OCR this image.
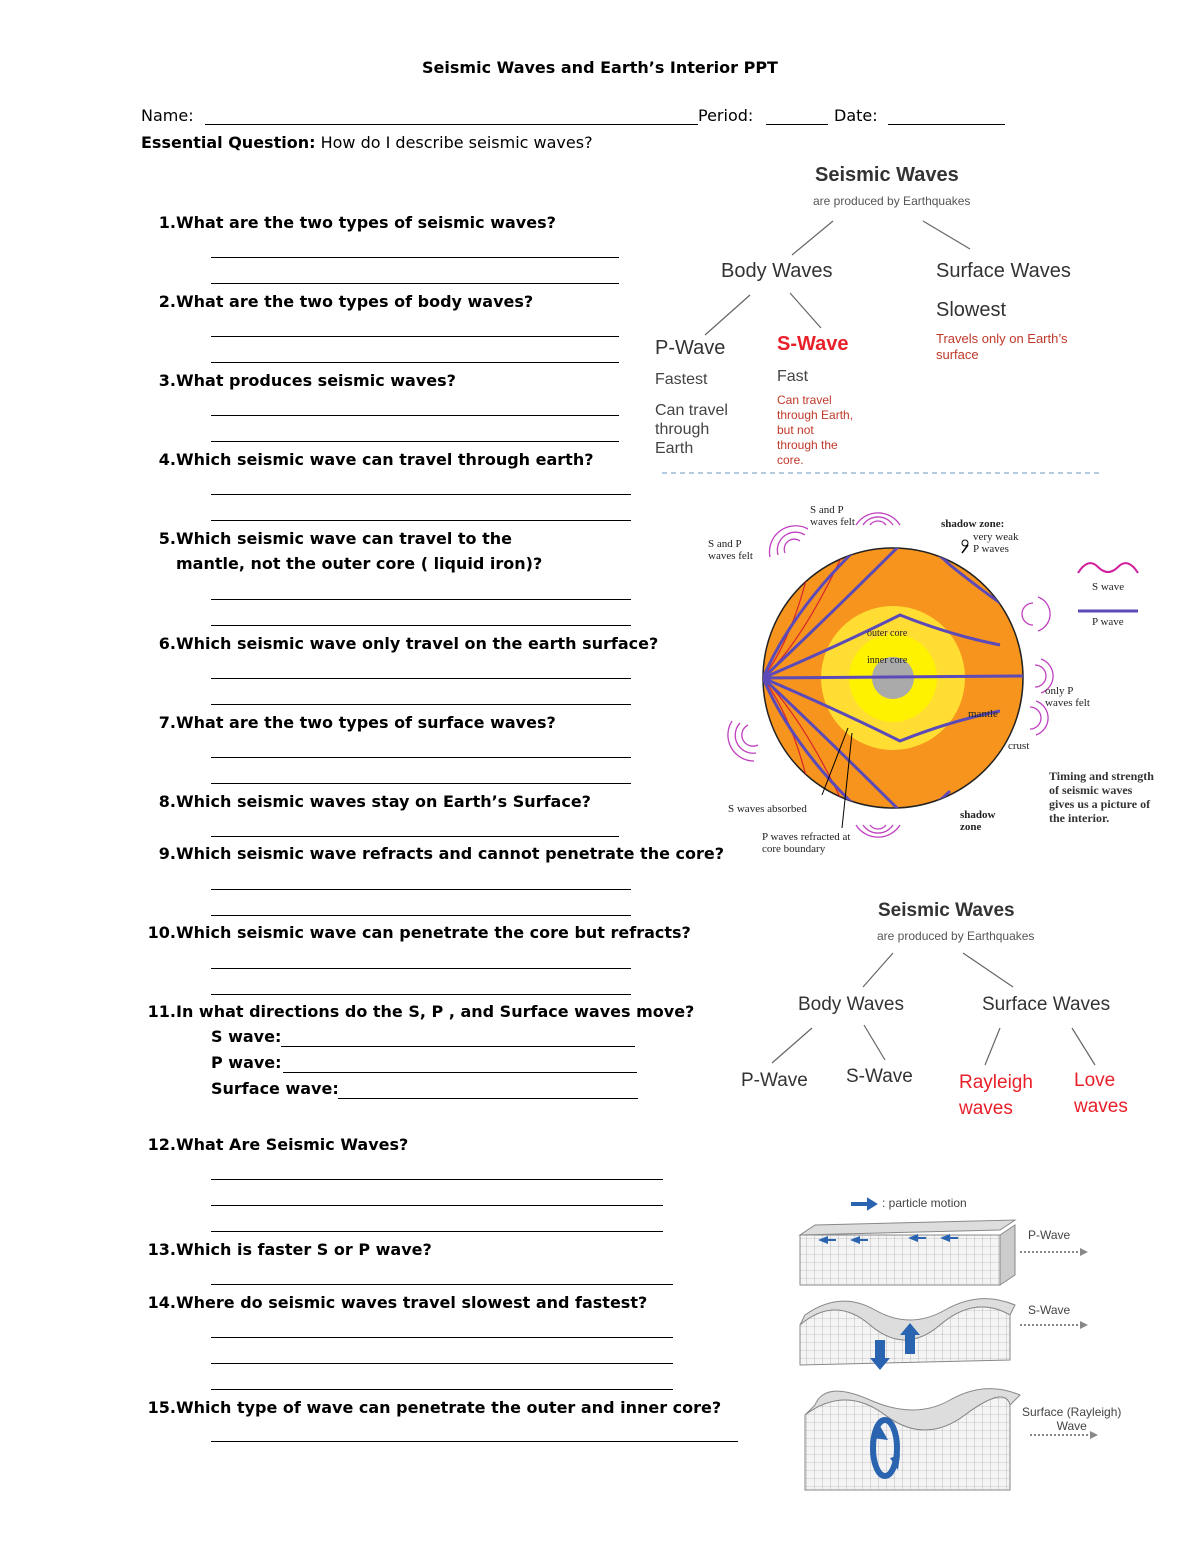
Seismic Waves and Earth’s Interior PPT
Name:	Period:	Date:
Essential Question: How do I describe seismic waves?
1. What are the two types of seismic waves?
2. What are the two types of body waves?
3. What produces seismic waves?
4. Which seismic wave can travel through earth?
5. Which seismic wave can travel to the
mantle, not the outer core ( liquid iron)?
6. Which seismic wave only travel on the earth surface?
7. What are the two types of surface waves?
8. Which seismic waves stay on Earth’s Surface?
9. Which seismic wave refracts and cannot penetrate the core?
10. Which seismic wave can penetrate the core but refracts?
11. In what directions do the S, P , and Surface waves move?
S wave:
P wave:
Surface wave:
12. What Are Seismic Waves?
13. Which is faster S or P wave?
14. Where do seismic waves travel slowest and fastest?
15. Which type of wave can penetrate the outer and inner core?
Seismic Waves
are produced by Earthquakes
Body Waves	Surface Waves
Slowest
Travels only on Earth’s
surface
P-Wave	S-Wave
Fastest	Fast
Can travel
through
Earth
Can travel
through Earth,
but not
through the
core.
S and P
waves felt
S and P
waves felt
shadow zone:
very weak
P waves
S wave
P wave
outer core
inner core
mantle
crust
only P
waves felt
Timing and strength
of seismic waves
gives us a picture of
the interior.
S waves absorbed
P waves refracted at
core boundary
shadow
zone
Seismic Waves
are produced by Earthquakes
Body Waves	Surface Waves
P-Wave S-Wave Rayleigh
waves
Love
waves
: particle motion
P-Wave
S-Wave
Surface (Rayleigh)
Wave
